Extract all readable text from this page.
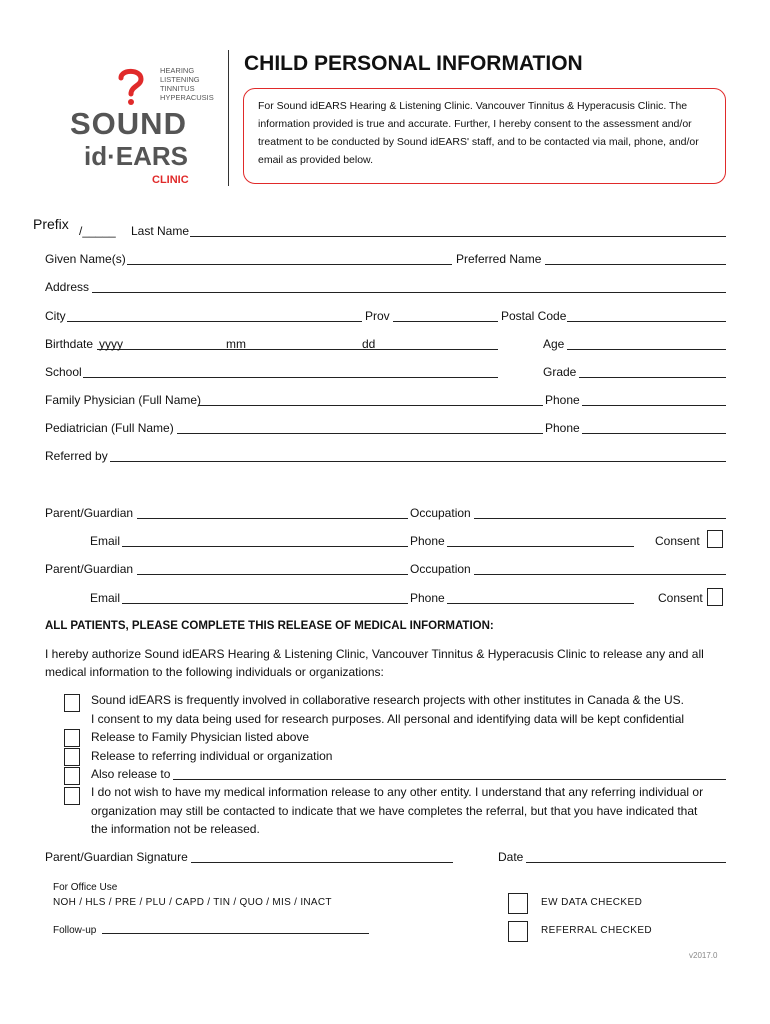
HEARING
LISTENING
TINNITUS
HYPERACUSIS
SOUND
id·EARS
CLINIC
CHILD PERSONAL INFORMATION
For Sound idEARS Hearing & Listening Clinic. Vancouver Tinnitus & Hyperacusis Clinic. The information provided is true and accurate. Further, I hereby consent to the assessment and/or treatment to be conducted by Sound idEARS' staff, and to be contacted via mail, phone, and/or email as provided below.
Prefix /_____ Last Name
Given Name(s)	Preferred Name
Address
City	Prov	Postal Code
Birthdate yyyy	mm	dd	Age
School	Grade
Family Physician (Full Name)	Phone
Pediatrician (Full Name)	Phone
Referred by
Parent/Guardian	Occupation
Email	Phone	Consent
Parent/Guardian	Occupation
Email	Phone	Consent
ALL PATIENTS, PLEASE COMPLETE THIS RELEASE OF MEDICAL INFORMATION:
I hereby authorize Sound idEARS Hearing & Listening Clinic, Vancouver Tinnitus & Hyperacusis Clinic to release any and all
medical information to the following individuals or organizations:
Sound idEARS is frequently involved in collaborative research projects with other institutes in Canada & the US.
I consent to my data being used for research purposes. All personal and identifying data will be kept confidential
Release to Family Physician listed above
Release to referring individual or organization
Also release to
I do not wish to have my medical information release to any other entity. I understand that any referring individual or
organization may still be contacted to indicate that we have completes the referral, but that you have indicated that
the information not be released.
Parent/Guardian Signature	Date
For Office Use
NOH / HLS / PRE / PLU / CAPD / TIN / QUO / MIS / INACT
Follow-up
EW DATA CHECKED
REFERRAL CHECKED
v2017.0
